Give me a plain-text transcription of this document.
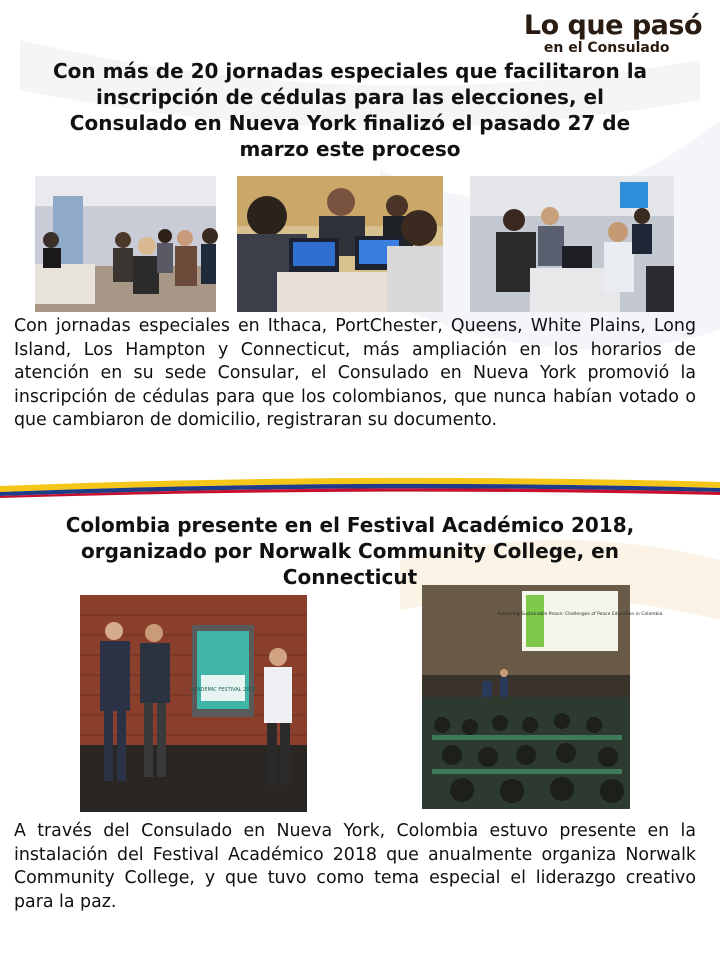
Lo que pasó
en el Consulado
Con más de 20 jornadas especiales que facilitaron la inscripción de cédulas para las elecciones, el Consulado en Nueva York finalizó el pasado 27 de marzo este proceso

Con jornadas especiales en Ithaca, PortChester, Queens, White Plains, Long Island, Los Hampton y Connecticut, más ampliación en los horarios de atención en su sede Consular, el Consulado en Nueva York promovió la inscripción de cédulas para que los colombianos, que nunca habían votado o que cambiaron de domicilio, registraran su documento.

Colombia presente en el Festival Académico 2018, organizado por Norwalk Community College, en Connecticut
ACADEMIC FESTIVAL 2018
Achieving Sustainable Peace: Challenges of Peace Education in Colombia

A través del Consulado en Nueva York, Colombia estuvo presente en la instalación del Festival Académico 2018 que anualmente organiza Norwalk Community College, y que tuvo como tema especial el liderazgo creativo para la paz.
